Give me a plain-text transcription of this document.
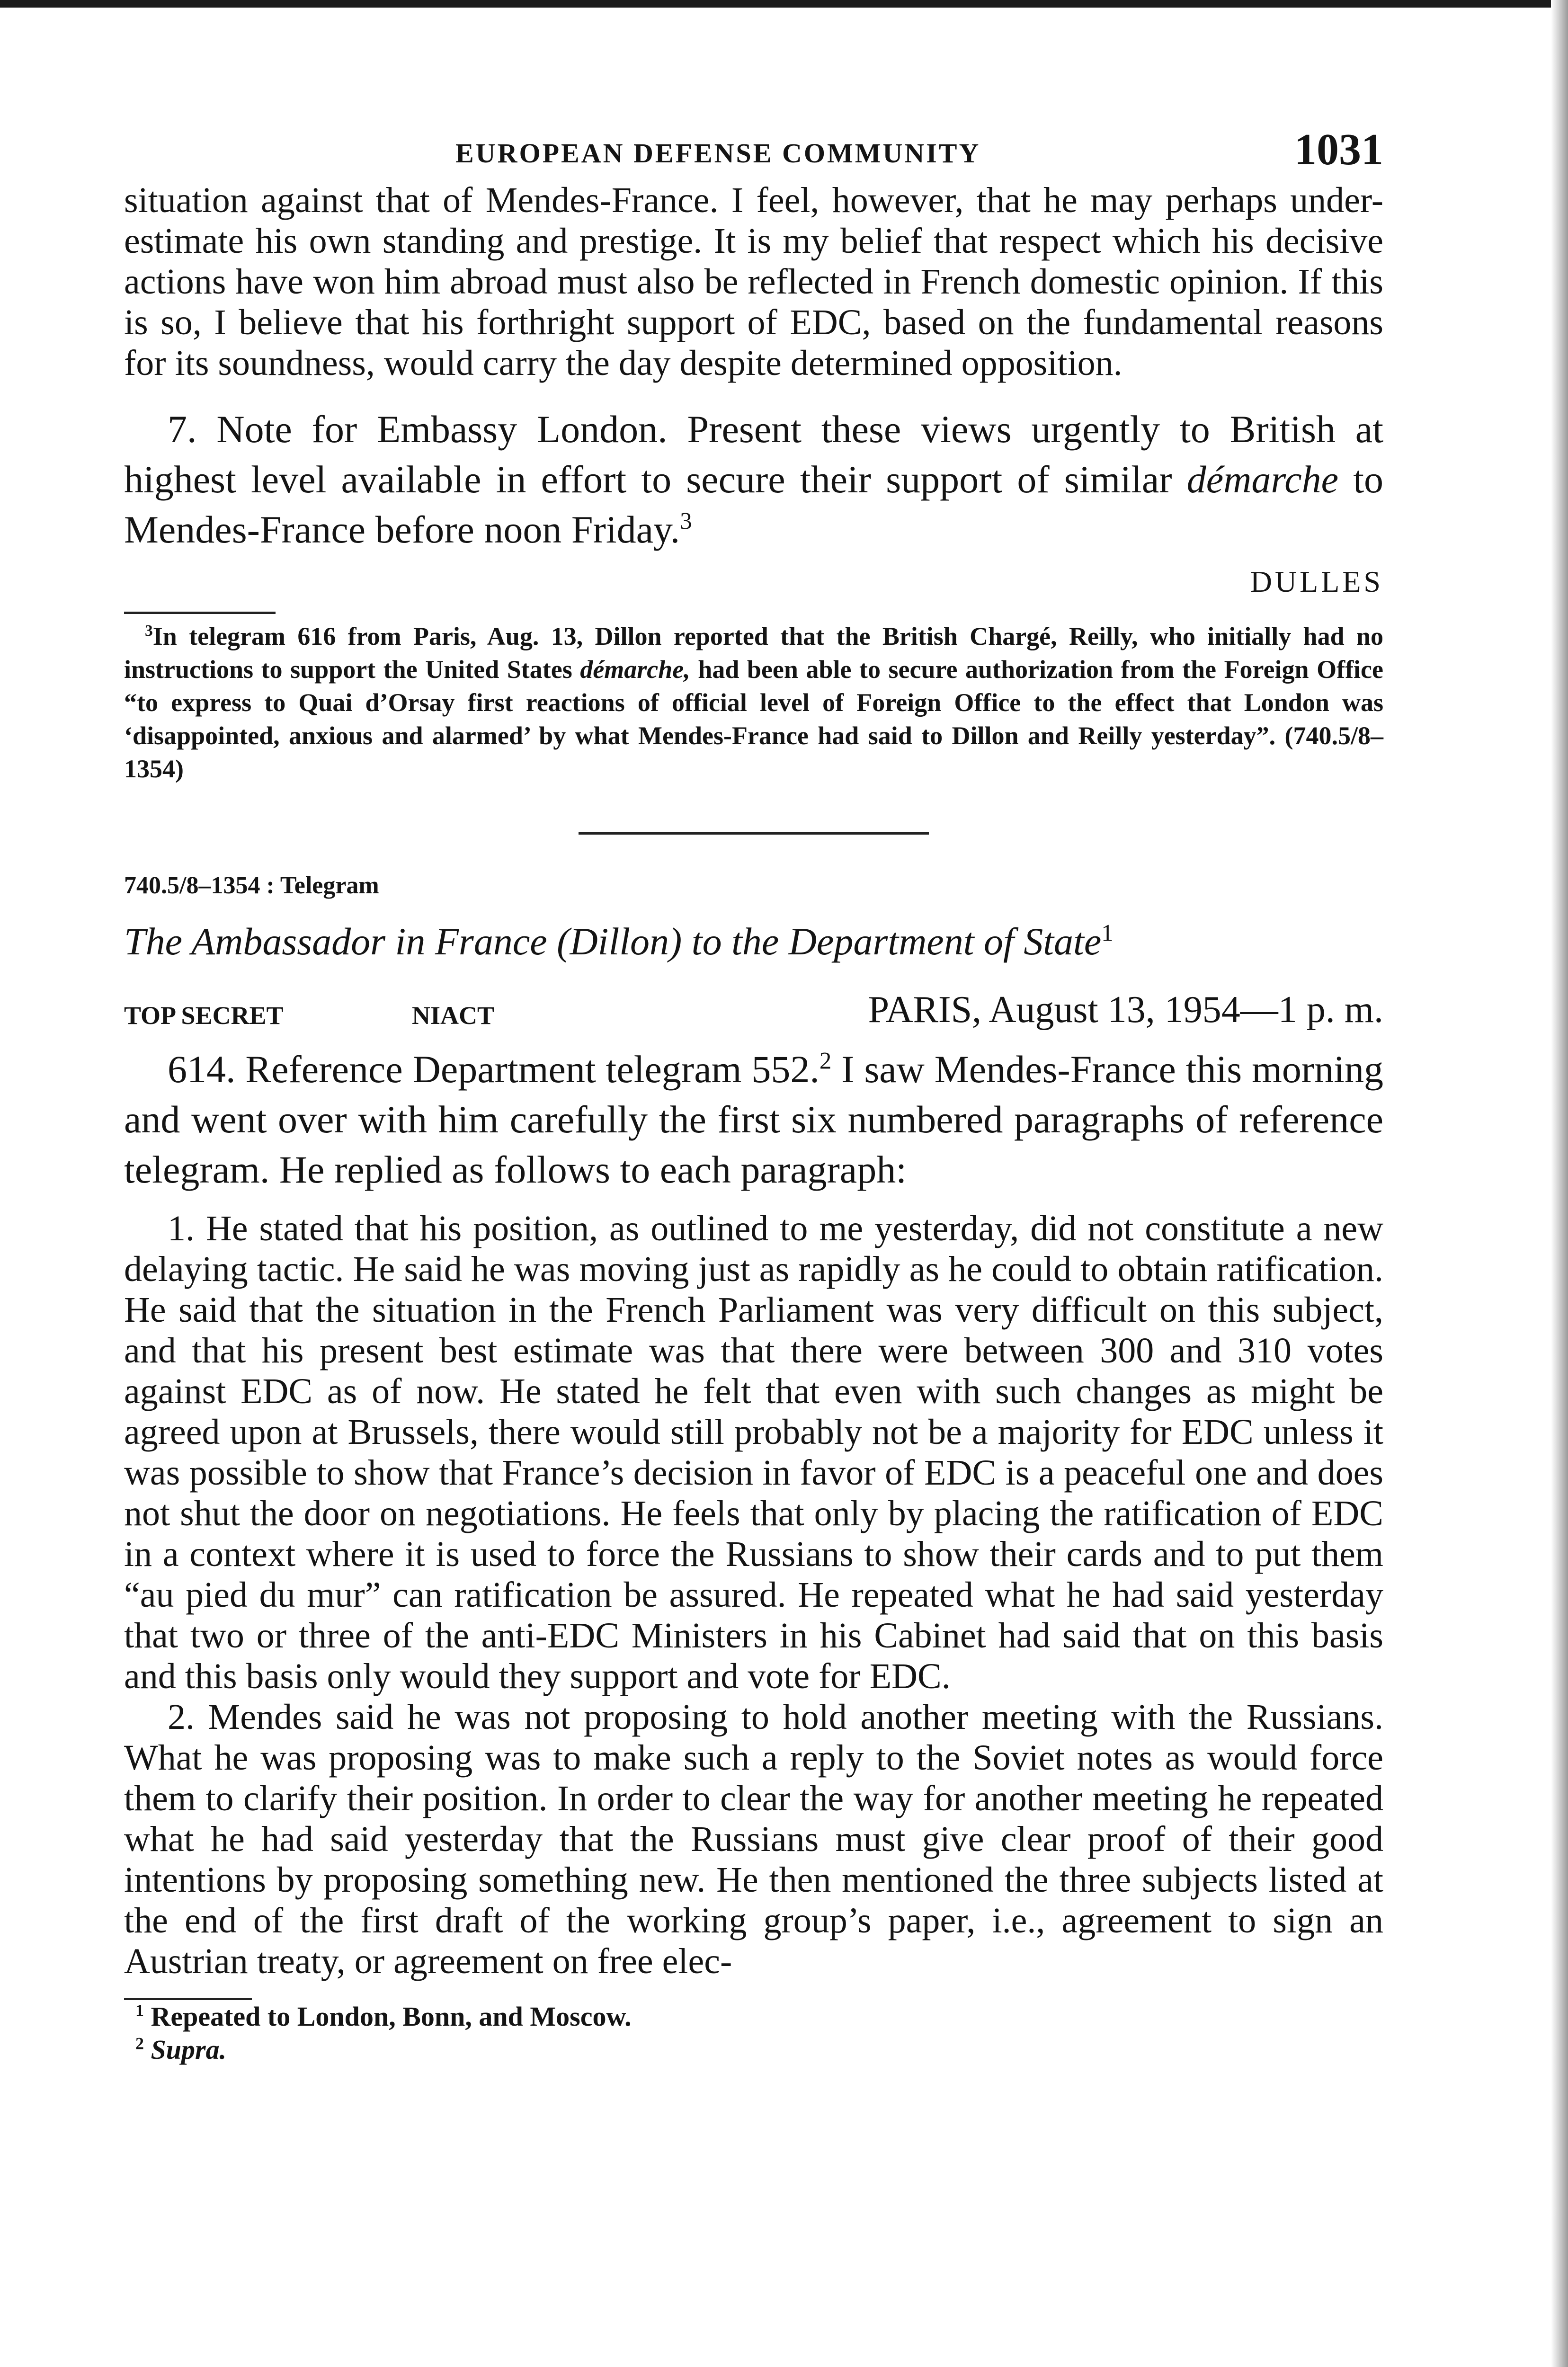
EUROPEAN DEFENSE COMMUNITY	1031

situation against that of Mendes-France. I feel, however, that he may perhaps under-estimate his own standing and prestige. It is my belief that respect which his decisive actions have won him abroad must also be reflected in French domestic opinion. If this is so, I believe that his forthright support of EDC, based on the fundamental reasons for its soundness, would carry the day despite determined opposition.

7. Note for Embassy London. Present these views urgently to British at highest level available in effort to secure their support of similar démarche to Mendes-France before noon Friday.$^3$

DULLES

$^3$In telegram 616 from Paris, Aug. 13, Dillon reported that the British Chargé, Reilly, who initially had no instructions to support the United States démarche, had been able to secure authorization from the Foreign Office “to express to Quai d’Orsay first reactions of official level of Foreign Office to the effect that London was ‘disappointed, anxious and alarmed’ by what Mendes-France had said to Dillon and Reilly yesterday”. (740.5/8–1354)

740.5/8–1354 : Telegram
The Ambassador in France (Dillon) to the Department of State$^1$
TOP SECRET	NIACT	PARIS, August 13, 1954—1 p. m.

614. Reference Department telegram 552.$^2$ I saw Mendes-France this morning and went over with him carefully the first six numbered paragraphs of reference telegram. He replied as follows to each paragraph:

1. He stated that his position, as outlined to me yesterday, did not constitute a new delaying tactic. He said he was moving just as rapidly as he could to obtain ratification. He said that the situation in the French Parliament was very difficult on this subject, and that his present best estimate was that there were between 300 and 310 votes against EDC as of now. He stated he felt that even with such changes as might be agreed upon at Brussels, there would still probably not be a majority for EDC unless it was possible to show that France’s decision in favor of EDC is a peaceful one and does not shut the door on negotiations. He feels that only by placing the ratification of EDC in a context where it is used to force the Russians to show their cards and to put them “au pied du mur” can ratification be assured. He repeated what he had said yesterday that two or three of the anti-EDC Ministers in his Cabinet had said that on this basis and this basis only would they support and vote for EDC.

2. Mendes said he was not proposing to hold another meeting with the Russians. What he was proposing was to make such a reply to the Soviet notes as would force them to clarify their position. In order to clear the way for another meeting he repeated what he had said yesterday that the Russians must give clear proof of their good intentions by proposing something new. He then mentioned the three subjects listed at the end of the first draft of the working group’s paper, i.e., agreement to sign an Austrian treaty, or agreement on free elec-

$^1$ Repeated to London, Bonn, and Moscow.
$^2$ Supra.
